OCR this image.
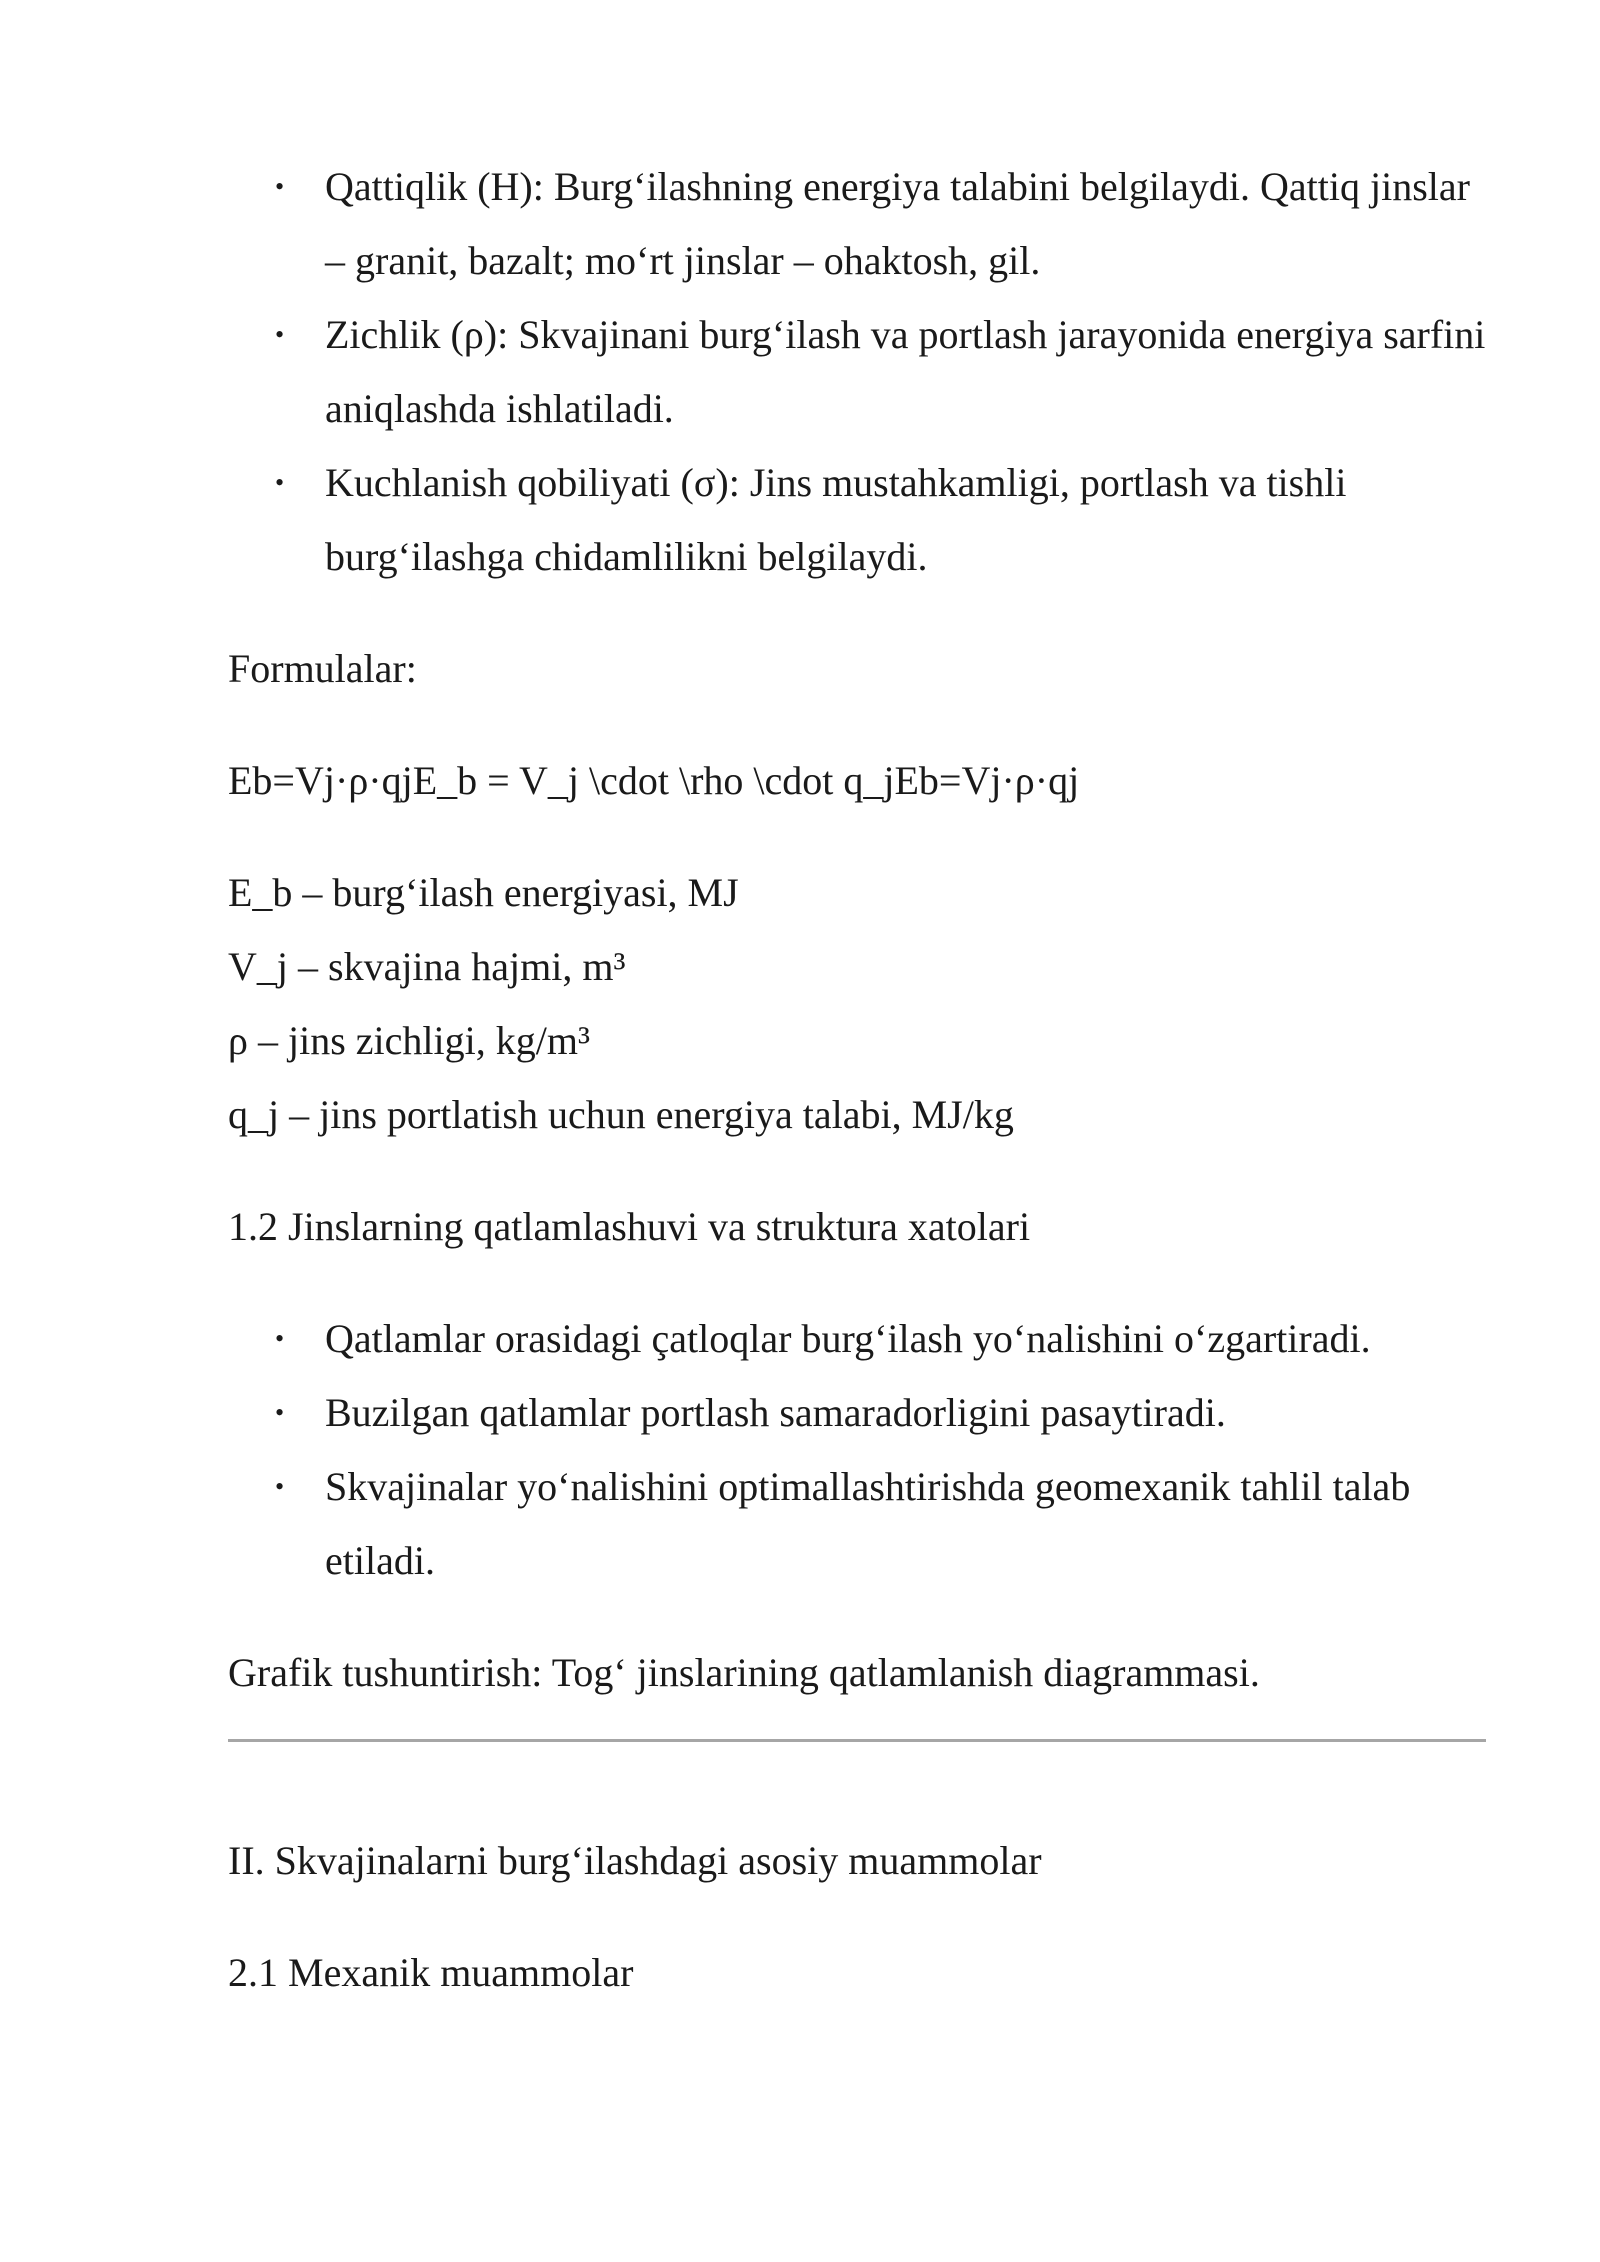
• Qattiqlik (H): Burg‘ilashning energiya talabini belgilaydi. Qattiq jinslar – granit, bazalt; mo‘rt jinslar – ohaktosh, gil.
• Zichlik (ρ): Skvajinani burg‘ilash va portlash jarayonida energiya sarfini aniqlashda ishlatiladi.
• Kuchlanish qobiliyati (σ): Jins mustahkamligi, portlash va tishli burg‘ilashga chidamlilikni belgilaydi.

Formulalar:

Eb=Vj·ρ·qjE_b = V_j \cdot \rho \cdot q_jEb=Vj·ρ·qj

E_b – burg‘ilash energiyasi, MJ

V_j – skvajina hajmi, m³

ρ – jins zichligi, kg/m³

q_j – jins portlatish uchun energiya talabi, MJ/kg

1.2 Jinslarning qatlamlashuvi va struktura xatolari

• Qatlamlar orasidagi çatloqlar burg‘ilash yo‘nalishini o‘zgartiradi.
• Buzilgan qatlamlar portlash samaradorligini pasaytiradi.
• Skvajinalar yo‘nalishini optimallashtirishda geomexanik tahlil talab etiladi.

Grafik tushuntirish: Tog‘ jinslarining qatlamlanish diagrammasi.

II. Skvajinalarni burg‘ilashdagi asosiy muammolar

2.1 Mexanik muammolar
